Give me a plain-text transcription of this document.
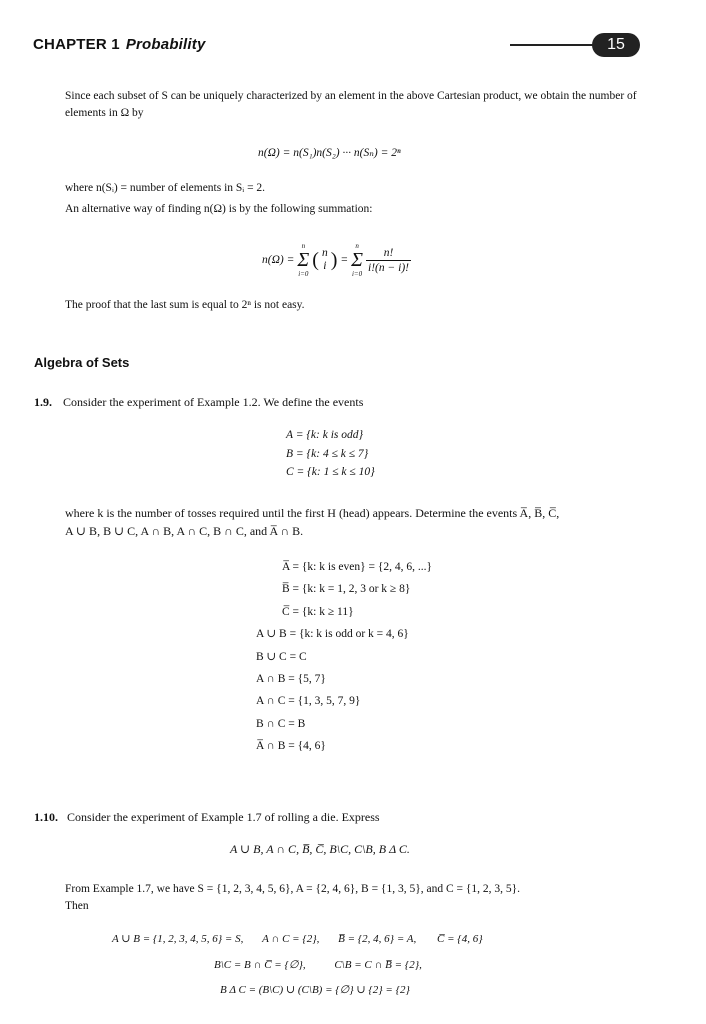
CHAPTER 1 Probability	15
Since each subset of S can be uniquely characterized by an element in the above Cartesian product, we obtain the number of elements in Ω by
n(Ω) = n(S₁)n(S₂) ··· n(Sₙ) = 2ⁿ
where n(Sᵢ) = number of elements in Sᵢ = 2.
An alternative way of finding n(Ω) is by the following summation:
n(Ω) =
n
Σ
i=0
( n
i ) =
n
Σ
$i=0 \frac{n!}{i!(n - i)!}$
The proof that the last sum is equal to 2ⁿ is not easy.
Algebra of Sets
1.9. Consider the experiment of Example 1.2. We define the events
A = {k: k is odd}
B = {k: 4 ≤ k ≤ 7}
C = {k: 1 ≤ k ≤ 10}
where k is the number of tosses required until the first H (head) appears. Determine the events A̅, B̅, C̅,
A ∪ B, B ∪ C, A ∩ B, A ∩ C, B ∩ C, and A̅ ∩ B.
A̅ = {k: k is even} = {2, 4, 6, ...}
B̅ = {k: k = 1, 2, 3 or k ≥ 8}
C̅ = {k: k ≥ 11}
A ∪ B = {k: k is odd or k = 4, 6}
B ∪ C = C
A ∩ B = {5, 7}
A ∩ C = {1, 3, 5, 7, 9}
B ∩ C = B
A̅ ∩ B = {4, 6}
1.10. Consider the experiment of Example 1.7 of rolling a die. Express
A ∪ B, A ∩ C, B̅, C̅, B\C, C\B, B Δ C.
From Example 1.7, we have S = {1, 2, 3, 4, 5, 6}, A = {2, 4, 6}, B = {1, 3, 5}, and C = {1, 2, 3, 5}.
Then
A ∪ B = {1, 2, 3, 4, 5, 6} = S, A ∩ C = {2}, B̅ = {2, 4, 6} = A, C̅ = {4, 6}
B\C = B ∩ C̅ = {∅},	C\B = C ∩ B̅ = {2},
B Δ C = (B\C) ∪ (C\B) = {∅} ∪ {2} = {2}
